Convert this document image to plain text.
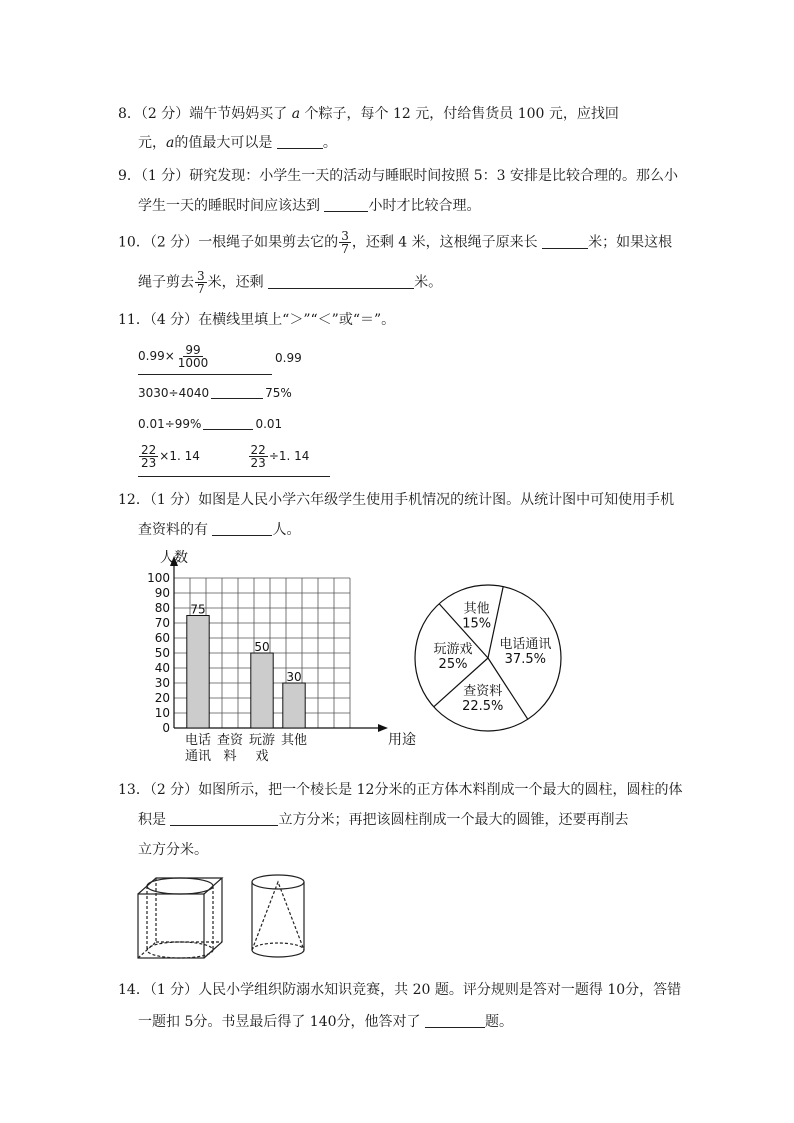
8．（2 分）端午节妈妈买了 a 个粽子，每个 12 元，付给售货员 100 元，应找回
元，a的值最大可以是	。
9．（1 分）研究发现：小学生一天的活动与睡眠时间按照 5：3 安排是比较合理的。那么小
学生一天的睡眠时间应该达到	小时才比较合理。
10．（2 分）一根绳子如果剪去它的 $\frac{3}{7}$ ，还剩 4 米，这根绳子原来长	米；如果这根
绳子剪去 $\frac{3}{7}$ 米，还剩	米。
11．（4 分）在横线里填上“＞”“＜”或“＝”。
$0.99\times \frac{99}{1000}$	0.99
3030÷4040	75%
0.01÷99%	0.01
$\frac{22}{23} \times 1$. 14	$\frac{22}{23} \div 1$. 14
12．（1 分）如图是人民小学六年级学生使用手机情况的统计图。从统计图中可知使用手机
查资料的有	人。
0
10
20
30
40
50
60
70
80
90
100
人数
用途
75
电话
通讯
查资
料
50
玩游
戏
30
其他
电话通讯
37.5%
查资料
22.5%
玩游戏
25%
其他
15%
13．（2 分）如图所示，把一个棱长是 12分米的正方体木料削成一个最大的圆柱，圆柱的体
积是	立方分米；再把该圆柱削成一个最大的圆锥，还要再削去
立方分米。
14．（1 分）人民小学组织防溺水知识竞赛，共 20 题。评分规则是答对一题得 10分，答错
一题扣 5分。书昱最后得了 140分，他答对了	题。
